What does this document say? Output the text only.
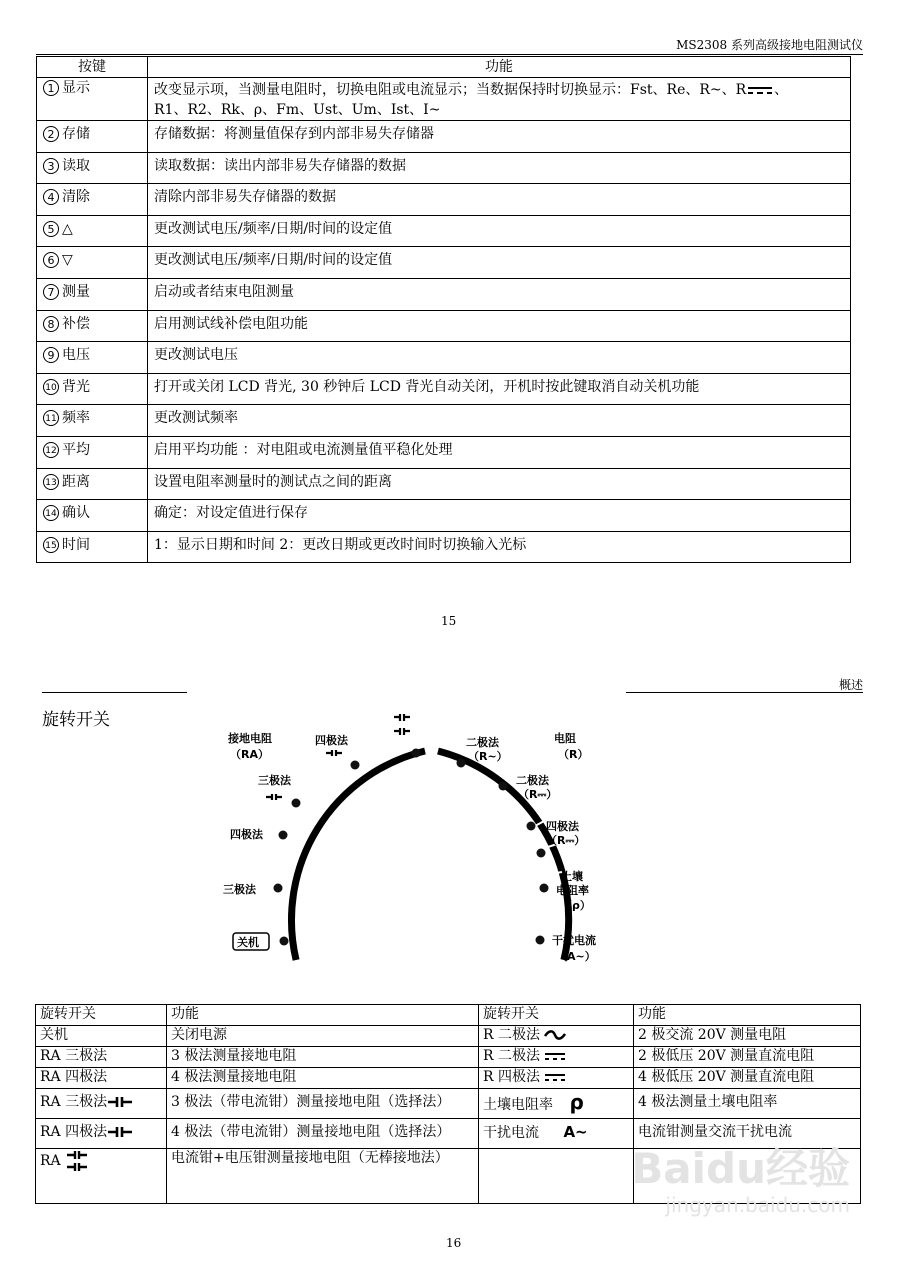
MS2308 系列高级接地电阻测试仪
按键	功能
1 显示	改变显示项，当测量电阻时，切换电阻或电流显示；当数据保持时切换显示：Fst、Re、R~、R 、
R1、R2、Rk、ρ、Fm、Ust、Um、Ist、I~
2 存储	存储数据：将测量值保存到内部非易失存储器
3 读取	读取数据：读出内部非易失存储器的数据
4 清除	清除内部非易失存储器的数据
5 △	更改测试电压/频率/日期/时间的设定值
6 ▽	更改测试电压/频率/日期/时间的设定值
7 测量	启动或者结束电阻测量
8 补偿	启用测试线补偿电阻功能
9 电压	更改测试电压
10 背光	打开或关闭 LCD 背光, 30 秒钟后 LCD 背光自动关闭，开机时按此键取消自动关机功能
11 频率	更改测试频率
12 平均	启用平均功能 ：对电阻或电流测量值平稳化处理
13 距离	设置电阻率测量时的测试点之间的距离
14 确认	确定：对设定值进行保存
15 时间	1：显示日期和时间 2：更改日期或更改时间时切换输入光标
15
概述
旋转开关
接地电阻
（RA）
四极法
三极法
四极法
三极法
关机
电阻
（R）
二极法
（R~）
二极法
（R⎓）
四极法
（R⎓）
土壤
电阻率
（ρ）
干扰电流
（A~）
旋转开关	功能	旋转开关	功能
关机	关闭电源	R 二极法	2 极交流 20V 测量电阻
RA 三极法	3 极法测量接地电阻	R 二极法	2 极低压 20V 测量直流电阻
RA 四极法	4 极法测量接地电阻	R 四极法	4 极低压 20V 测量直流电阻
RA 三极法	3 极法（带电流钳）测量接地电阻（选择法）	土壤电阻率 ρ	4 极法测量土壤电阻率
RA 四极法	4 极法（带电流钳）测量接地电阻（选择法）	干扰电流 A~	电流钳测量交流干扰电流
RA	电流钳+电压钳测量接地电阻（无棒接地法）			Baidu经验
jingyan.baidu.com
16
